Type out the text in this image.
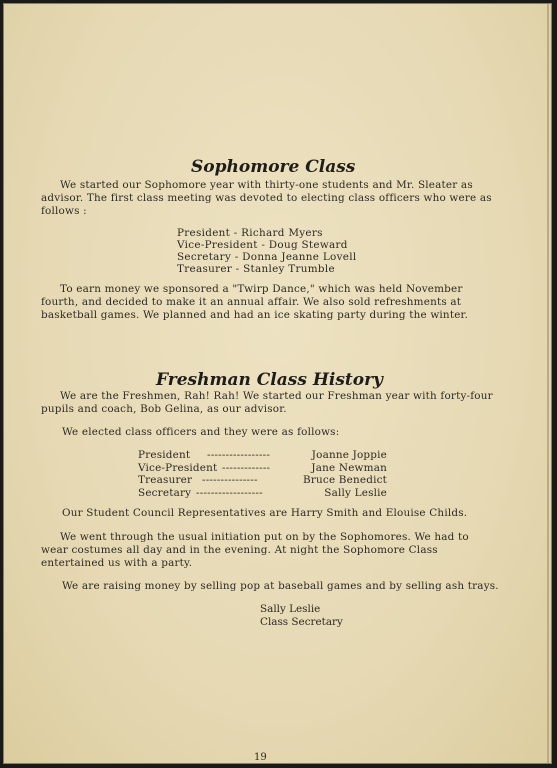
Sophomore Class
We started our Sophomore year with thirty-one students and Mr. Sleater as advisor. The first class meeting was devoted to electing class officers who were as follows :
President - Richard Myers
Vice-President - Doug Steward
Secretary - Donna Jeanne Lovell
Treasurer - Stanley Trumble
To earn money we sponsored a "Twirp Dance," which was held November fourth, and decided to make it an annual affair. We also sold refreshments at basketball games. We planned and had an ice skating party during the winter.
Freshman Class History
We are the Freshmen, Rah! Rah! We started our Freshman year with forty-four pupils and coach, Bob Gelina, as our advisor.
We elected class officers and they were as follows:
President -----------------	Joanne Joppie
Vice-President -------------	Jane Newman
Treasurer ---------------	Bruce Benedict
Secretary ------------------	Sally Leslie
Our Student Council Representatives are Harry Smith and Elouise Childs.
We went through the usual initiation put on by the Sophomores. We had to wear costumes all day and in the evening. At night the Sophomore Class entertained us with a party.
We are raising money by selling pop at baseball games and by selling ash trays.
Sally Leslie
Class Secretary
19
